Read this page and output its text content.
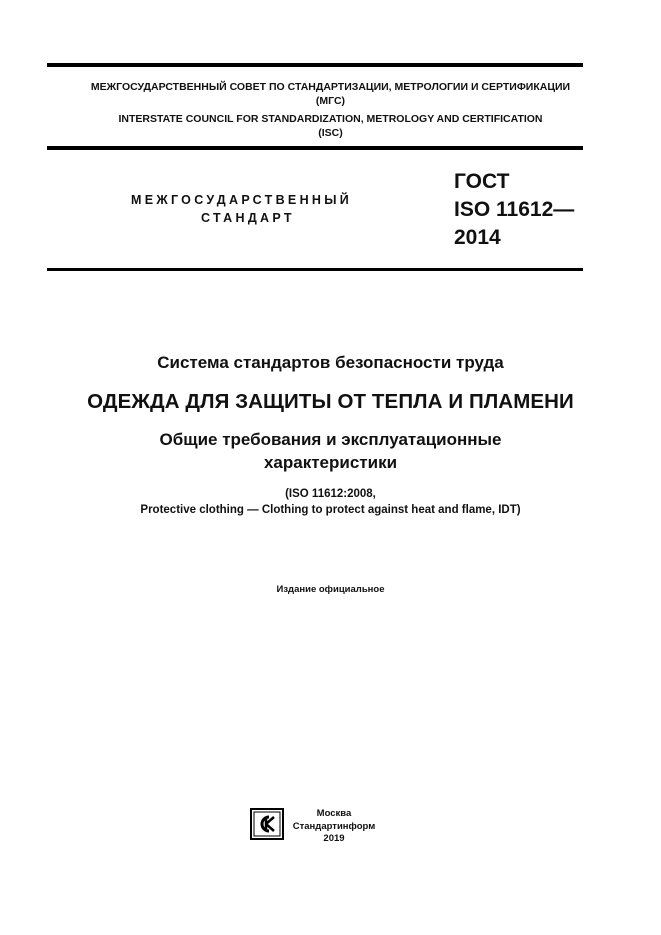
МЕЖГОСУДАРСТВЕННЫЙ СОВЕТ ПО СТАНДАРТИЗАЦИИ, МЕТРОЛОГИИ И СЕРТИФИКАЦИИ
(МГС)
INTERSTATE COUNCIL FOR STANDARDIZATION, METROLOGY AND CERTIFICATION
(ISC)
МЕЖГОСУДАРСТВЕННЫЙ
СТАНДАРТ
ГОСТ
ISO 11612—
2014
Система стандартов безопасности труда
ОДЕЖДА ДЛЯ ЗАЩИТЫ ОТ ТЕПЛА И ПЛАМЕНИ
Общие требования и эксплуатационные
характеристики
(ISO 11612:2008,
Protective clothing — Clothing to protect against heat and flame, IDT)
Издание официальное
Москва
Стандартинформ
2019
